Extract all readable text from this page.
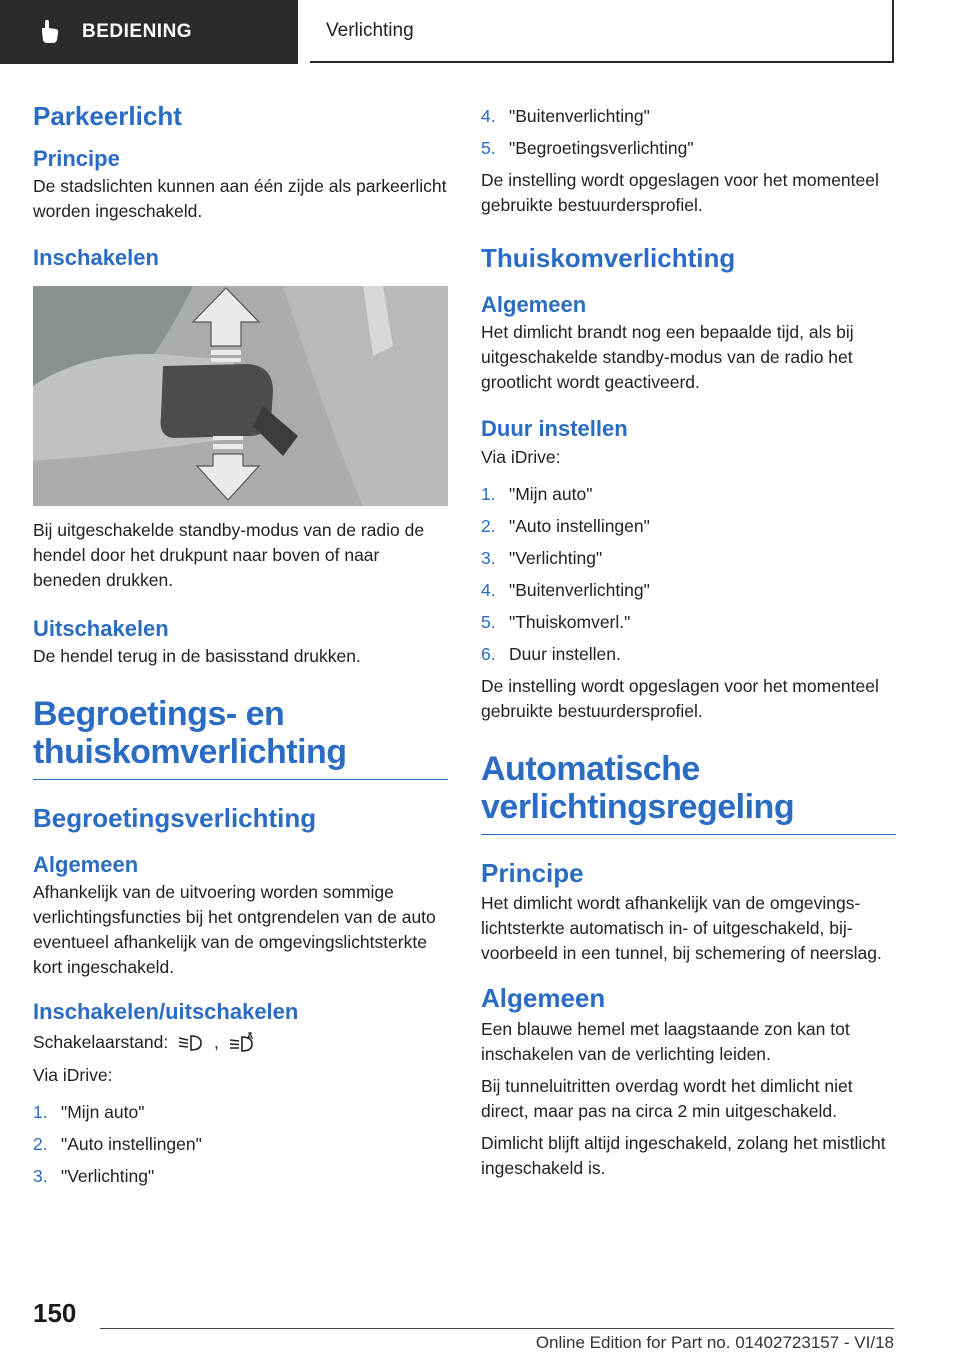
BEDIENING	Verlichting
Parkeerlicht
Principe

De stadslichten kunnen aan één zijde als parkeerlicht worden ingeschakeld.

Inschakelen

Bij uitgeschakelde standby-modus van de radio de hendel door het drukpunt naar boven of naar beneden drukken.

Uitschakelen

De hendel terug in de basisstand drukken.

Begroetings- en
thuiskomverlichting
Begroetingsverlichting
Algemeen

Afhankelijk van de uitvoering worden sommige verlichtingsfuncties bij het ontgrendelen van de auto eventueel afhankelijk van de omgevingslichtsterkte kort ingeschakeld.

Inschakelen/uitschakelen

Schakelaarstand:	,

Via iDrive:

1. "Mijn auto"
2. "Auto instellingen"
3. "Verlichting"
4. "Buitenverlichting"
5. "Begroetingsverlichting"

De instelling wordt opgeslagen voor het momenteel gebruikte bestuurdersprofiel.

Thuiskomverlichting
Algemeen

Het dimlicht brandt nog een bepaalde tijd, als bij uitgeschakelde standby-modus van de radio het grootlicht wordt geactiveerd.

Duur instellen

Via iDrive:

1. "Mijn auto"
2. "Auto instellingen"
3. "Verlichting"
4. "Buitenverlichting"
5. "Thuiskomverl."
6. Duur instellen.

De instelling wordt opgeslagen voor het momenteel gebruikte bestuurdersprofiel.

Automatische
verlichtingsregeling
Principe

Het dimlicht wordt afhankelijk van de omgevingslichtsterkte automatisch in- of uitgeschakeld, bijvoorbeeld in een tunnel, bij schemering of neerslag.

Algemeen

Een blauwe hemel met laagstaande zon kan tot inschakelen van de verlichting leiden.

Bij tunneluitritten overdag wordt het dimlicht niet direct, maar pas na circa 2 min uitgeschakeld.

Dimlicht blijft altijd ingeschakeld, zolang het mistlicht ingeschakeld is.

150
Online Edition for Part no. 01402723157 - VI/18
